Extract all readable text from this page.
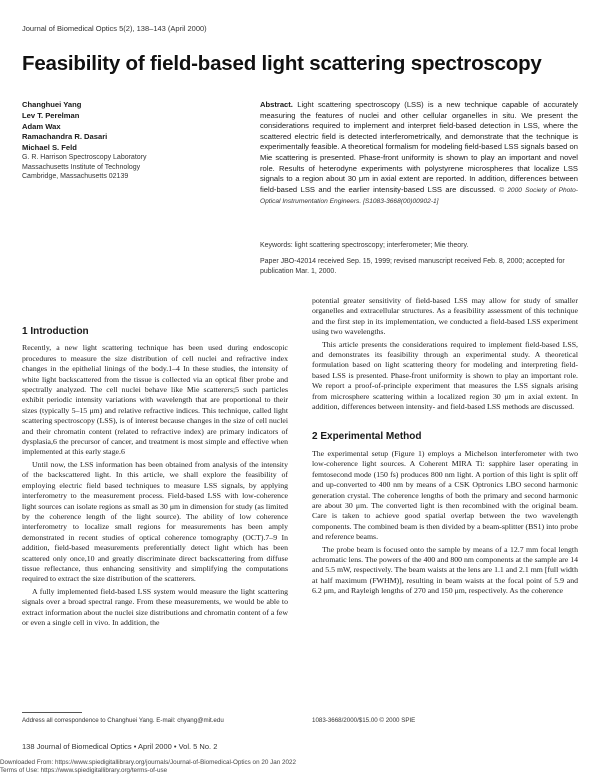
Journal of Biomedical Optics 5(2), 138–143 (April 2000)
Feasibility of field-based light scattering spectroscopy
Changhuei Yang
Lev T. Perelman
Adam Wax
Ramachandra R. Dasari
Michael S. Feld
G. R. Harrison Spectroscopy Laboratory
Massachusetts Institute of Technology
Cambridge, Massachusetts 02139
Abstract. Light scattering spectroscopy (LSS) is a new technique capable of accurately measuring the features of nuclei and other cellular organelles in situ. We present the considerations required to implement and interpret field-based detection in LSS, where the scattered electric field is detected interferometrically, and demonstrate that the technique is experimentally feasible. A theoretical formalism for modeling field-based LSS signals based on Mie scattering is presented. Phase-front uniformity is shown to play an important and novel role. Results of heterodyne experiments with polystyrene microspheres that localize LSS signals to a region about 30 μm in axial extent are reported. In addition, differences between field-based LSS and the earlier intensity-based LSS are discussed. © 2000 Society of Photo-Optical Instrumentation Engineers. [S1083-3668(00)00902-1]
Keywords: light scattering spectroscopy; interferometer; Mie theory.
Paper JBO-42014 received Sep. 15, 1999; revised manuscript received Feb. 8, 2000; accepted for publication Mar. 1, 2000.
1 Introduction

Recently, a new light scattering technique has been used during endoscopic procedures to measure the size distribution of cell nuclei and refractive index changes in the epithelial linings of the body.1–4 In these studies, the intensity of white light backscattered from the tissue is collected via an optical fiber probe and spectrally analyzed. The cell nuclei behave like Mie scatterers;5 such particles exhibit periodic intensity variations with wavelength that are proportional to their sizes (typically 5–15 μm) and relative refractive indices. This technique, called light scattering spectroscopy (LSS), is of interest because changes in the size of cell nuclei and their chromatin content (related to refractive index) are primary indicators of dysplasia,6 the precursor of cancer, and treatment is most simple and effective when implemented at this early stage.6

Until now, the LSS information has been obtained from analysis of the intensity of the backscattered light. In this article, we shall explore the feasibility of employing electric field based techniques to measure LSS signals, by applying interferometry to the measurement process. Field-based LSS with low-coherence light sources can isolate regions as small as 30 μm in dimension for study (as limited by the coherence length of the light source). The ability of low coherence interferometry to localize small regions for measurements has been amply demonstrated in recent studies of optical coherence tomography (OCT).7–9 In addition, field-based measurements preferentially detect light which has been scattered only once,10 and greatly discriminate direct backscattering from diffuse tissue reflectance, thus enhancing sensitivity and simplifying the computations required to extract the size distribution of the scatterers.

A fully implemented field-based LSS system would measure the light scattering signals over a broad spectral range. From these measurements, we would be able to extract information about the nuclei size distributions and chromatin content of a few or even a single cell in vivo. In addition, the

potential greater sensitivity of field-based LSS may allow for study of smaller organelles and extracellular structures. As a feasibility assessment of this technique and the first step in its implementation, we conducted a field-based LSS experiment using two wavelengths.

This article presents the considerations required to implement field-based LSS, and demonstrates its feasibility through an experimental study. A theoretical formulation based on light scattering theory for modeling and interpreting field-based LSS is presented. Phase-front uniformity is shown to play an important role. We report a proof-of-principle experiment that measures the LSS signals arising from microsphere scattering within a localized region 30 μm in axial extent. In addition, differences between intensity- and field-based LSS methods are discussed.

2 Experimental Method

The experimental setup (Figure 1) employs a Michelson interferometer with two low-coherence light sources. A Coherent MIRA Ti: sapphire laser operating in femtosecond mode (150 fs) produces 800 nm light. A portion of this light is split off and up-converted to 400 nm by means of a CSK Optronics LBO second harmonic generation crystal. The coherence lengths of both the primary and second harmonic are about 30 μm. The converted light is then recombined with the original beam. Care is taken to achieve good spatial overlap between the two wavelength components. The combined beam is then divided by a beam-splitter (BS1) into probe and reference beams.

The probe beam is focused onto the sample by means of a 12.7 mm focal length achromatic lens. The powers of the 400 and 800 nm components at the sample are 14 and 5.5 mW, respectively. The beam waists at the lens are 1.1 and 2.1 mm [full width at half maximum (FWHM)], resulting in beam waists at the focal point of 5.9 and 6.2 μm, and Rayleigh lengths of 270 and 150 μm, respectively. As the coherence

Address all correspondence to Changhuei Yang. E-mail: chyang@mit.edu	1083-3668/2000/$15.00 © 2000 SPIE
138 Journal of Biomedical Optics • April 2000 • Vol. 5 No. 2
Downloaded From: https://www.spiedigitallibrary.org/journals/Journal-of-Biomedical-Optics on 20 Jan 2022
Terms of Use: https://www.spiedigitallibrary.org/terms-of-use
